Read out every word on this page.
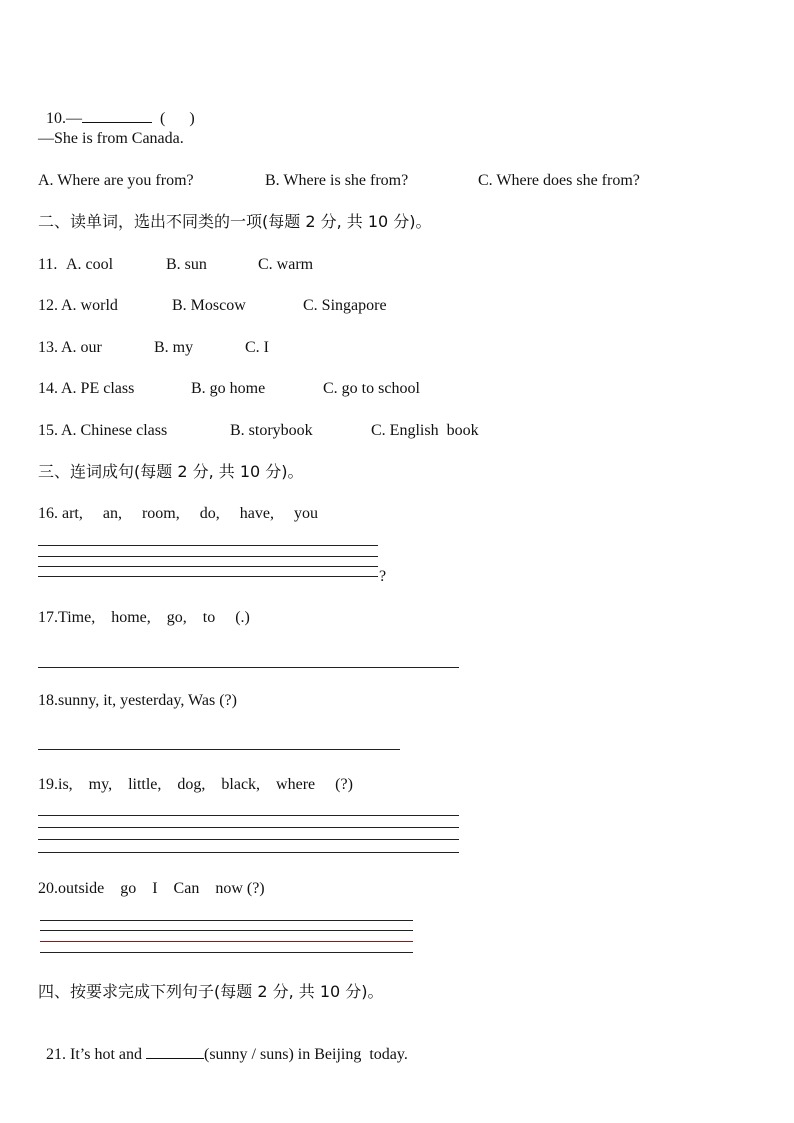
10.—	(      )

—She is from Canada.
A. Where are you from?	B. Where is she from?	C. Where does she from?
二、读单词，选出不同类的一项(每题 2 分, 共 10 分)。
11. A. cool	B. sun	C. warm
12. A. world	B. Moscow	C. Singapore
13. A. our	B. my	C. I
14. A. PE class	B. go home	C. go to school
15. A. Chinese class	B. storybook	C. English  book
三、连词成句(每题 2 分, 共 10 分)。
16. art,     an,     room,     do,     have,     you
?
17.Time,    home,    go,    to     (.)
18.sunny, it, yesterday, Was (?)
19.is,    my,    little,    dog,    black,    where     (?)
20.outside    go    I    Can    now (?)
四、按要求完成下列句子(每题 2 分, 共 10 分)。

21. It’s hot and	(sunny / suns) in Beijing  today.
